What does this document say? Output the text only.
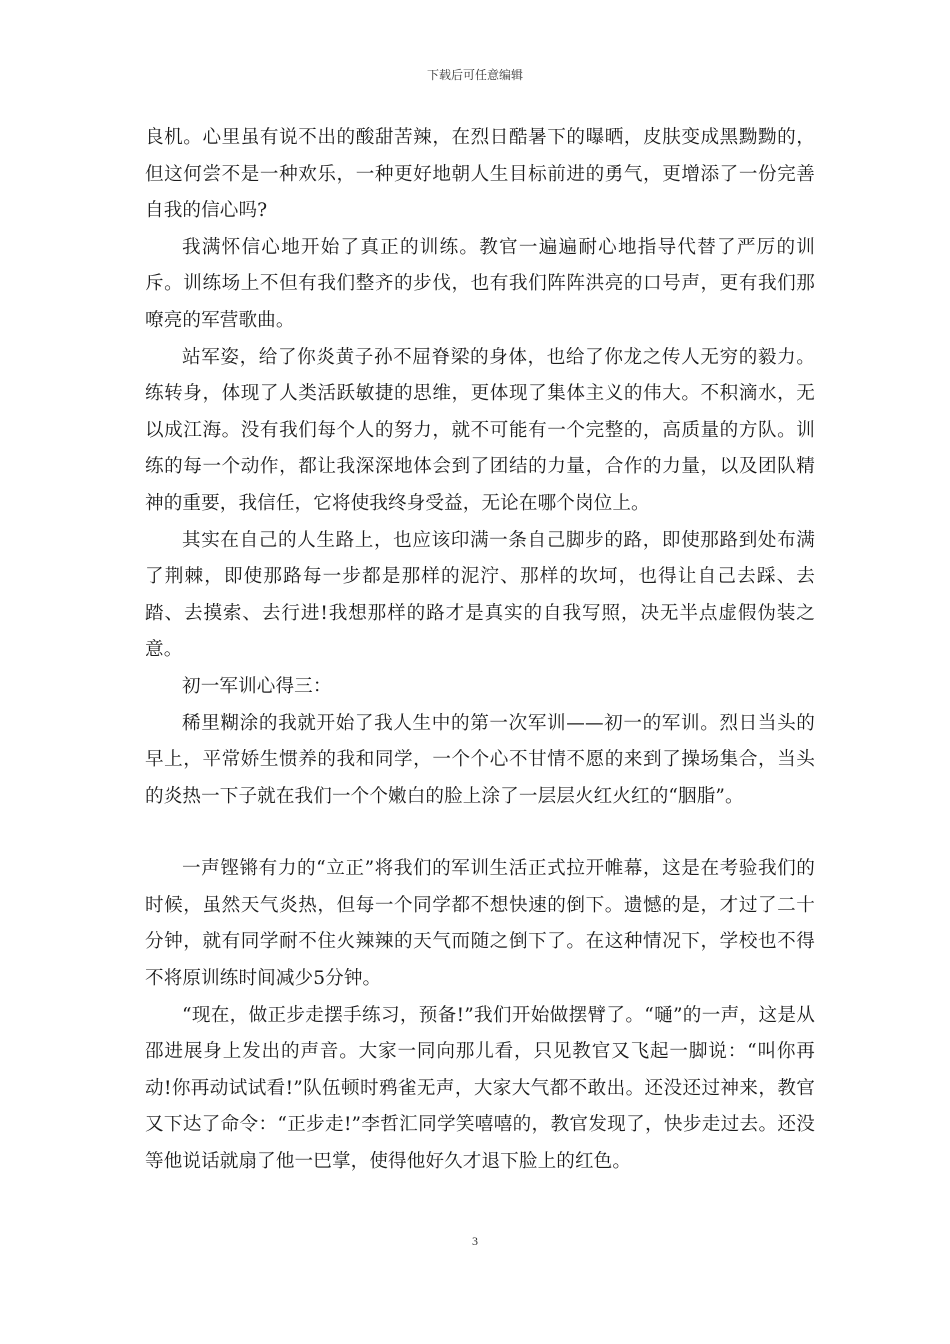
下载后可任意编辑

良机。心里虽有说不出的酸甜苦辣，在烈日酷暑下的曝晒，皮肤变成黑黝黝的，但这何尝不是一种欢乐，一种更好地朝人生目标前进的勇气，更增添了一份完善自我的信心吗?

我满怀信心地开始了真正的训练。教官一遍遍耐心地指导代替了严厉的训斥。训练场上不但有我们整齐的步伐，也有我们阵阵洪亮的口号声，更有我们那嘹亮的军营歌曲。

站军姿，给了你炎黄子孙不屈脊梁的身体，也给了你龙之传人无穷的毅力。练转身，体现了人类活跃敏捷的思维，更体现了集体主义的伟大。不积滴水，无以成江海。没有我们每个人的努力，就不可能有一个完整的，高质量的方队。训练的每一个动作，都让我深深地体会到了团结的力量，合作的力量，以及团队精神的重要，我信任，它将使我终身受益，无论在哪个岗位上。

其实在自己的人生路上，也应该印满一条自己脚步的路，即使那路到处布满了荆棘，即使那路每一步都是那样的泥泞、那样的坎坷，也得让自己去踩、去踏、去摸索、去行进!我想那样的路才是真实的自我写照，决无半点虚假伪装之意。

初一军训心得三：

稀里糊涂的我就开始了我人生中的第一次军训——初一的军训。烈日当头的早上，平常娇生惯养的我和同学，一个个心不甘情不愿的来到了操场集合，当头的炎热一下子就在我们一个个嫩白的脸上涂了一层层火红火红的“胭脂”。

一声铿锵有力的“立正”将我们的军训生活正式拉开帷幕，这是在考验我们的时候，虽然天气炎热，但每一个同学都不想快速的倒下。遗憾的是，才过了二十分钟，就有同学耐不住火辣辣的天气而随之倒下了。在这种情况下，学校也不得不将原训练时间减少5分钟。

“现在，做正步走摆手练习，预备!”我们开始做摆臂了。“嗵”的一声，这是从邵进展身上发出的声音。大家一同向那儿看，只见教官又飞起一脚说：“叫你再动!你再动试试看!”队伍顿时鸦雀无声，大家大气都不敢出。还没还过神来，教官又下达了命令：“正步走!”李哲汇同学笑嘻嘻的，教官发现了，快步走过去。还没等他说话就扇了他一巴掌，使得他好久才退下脸上的红色。

3
